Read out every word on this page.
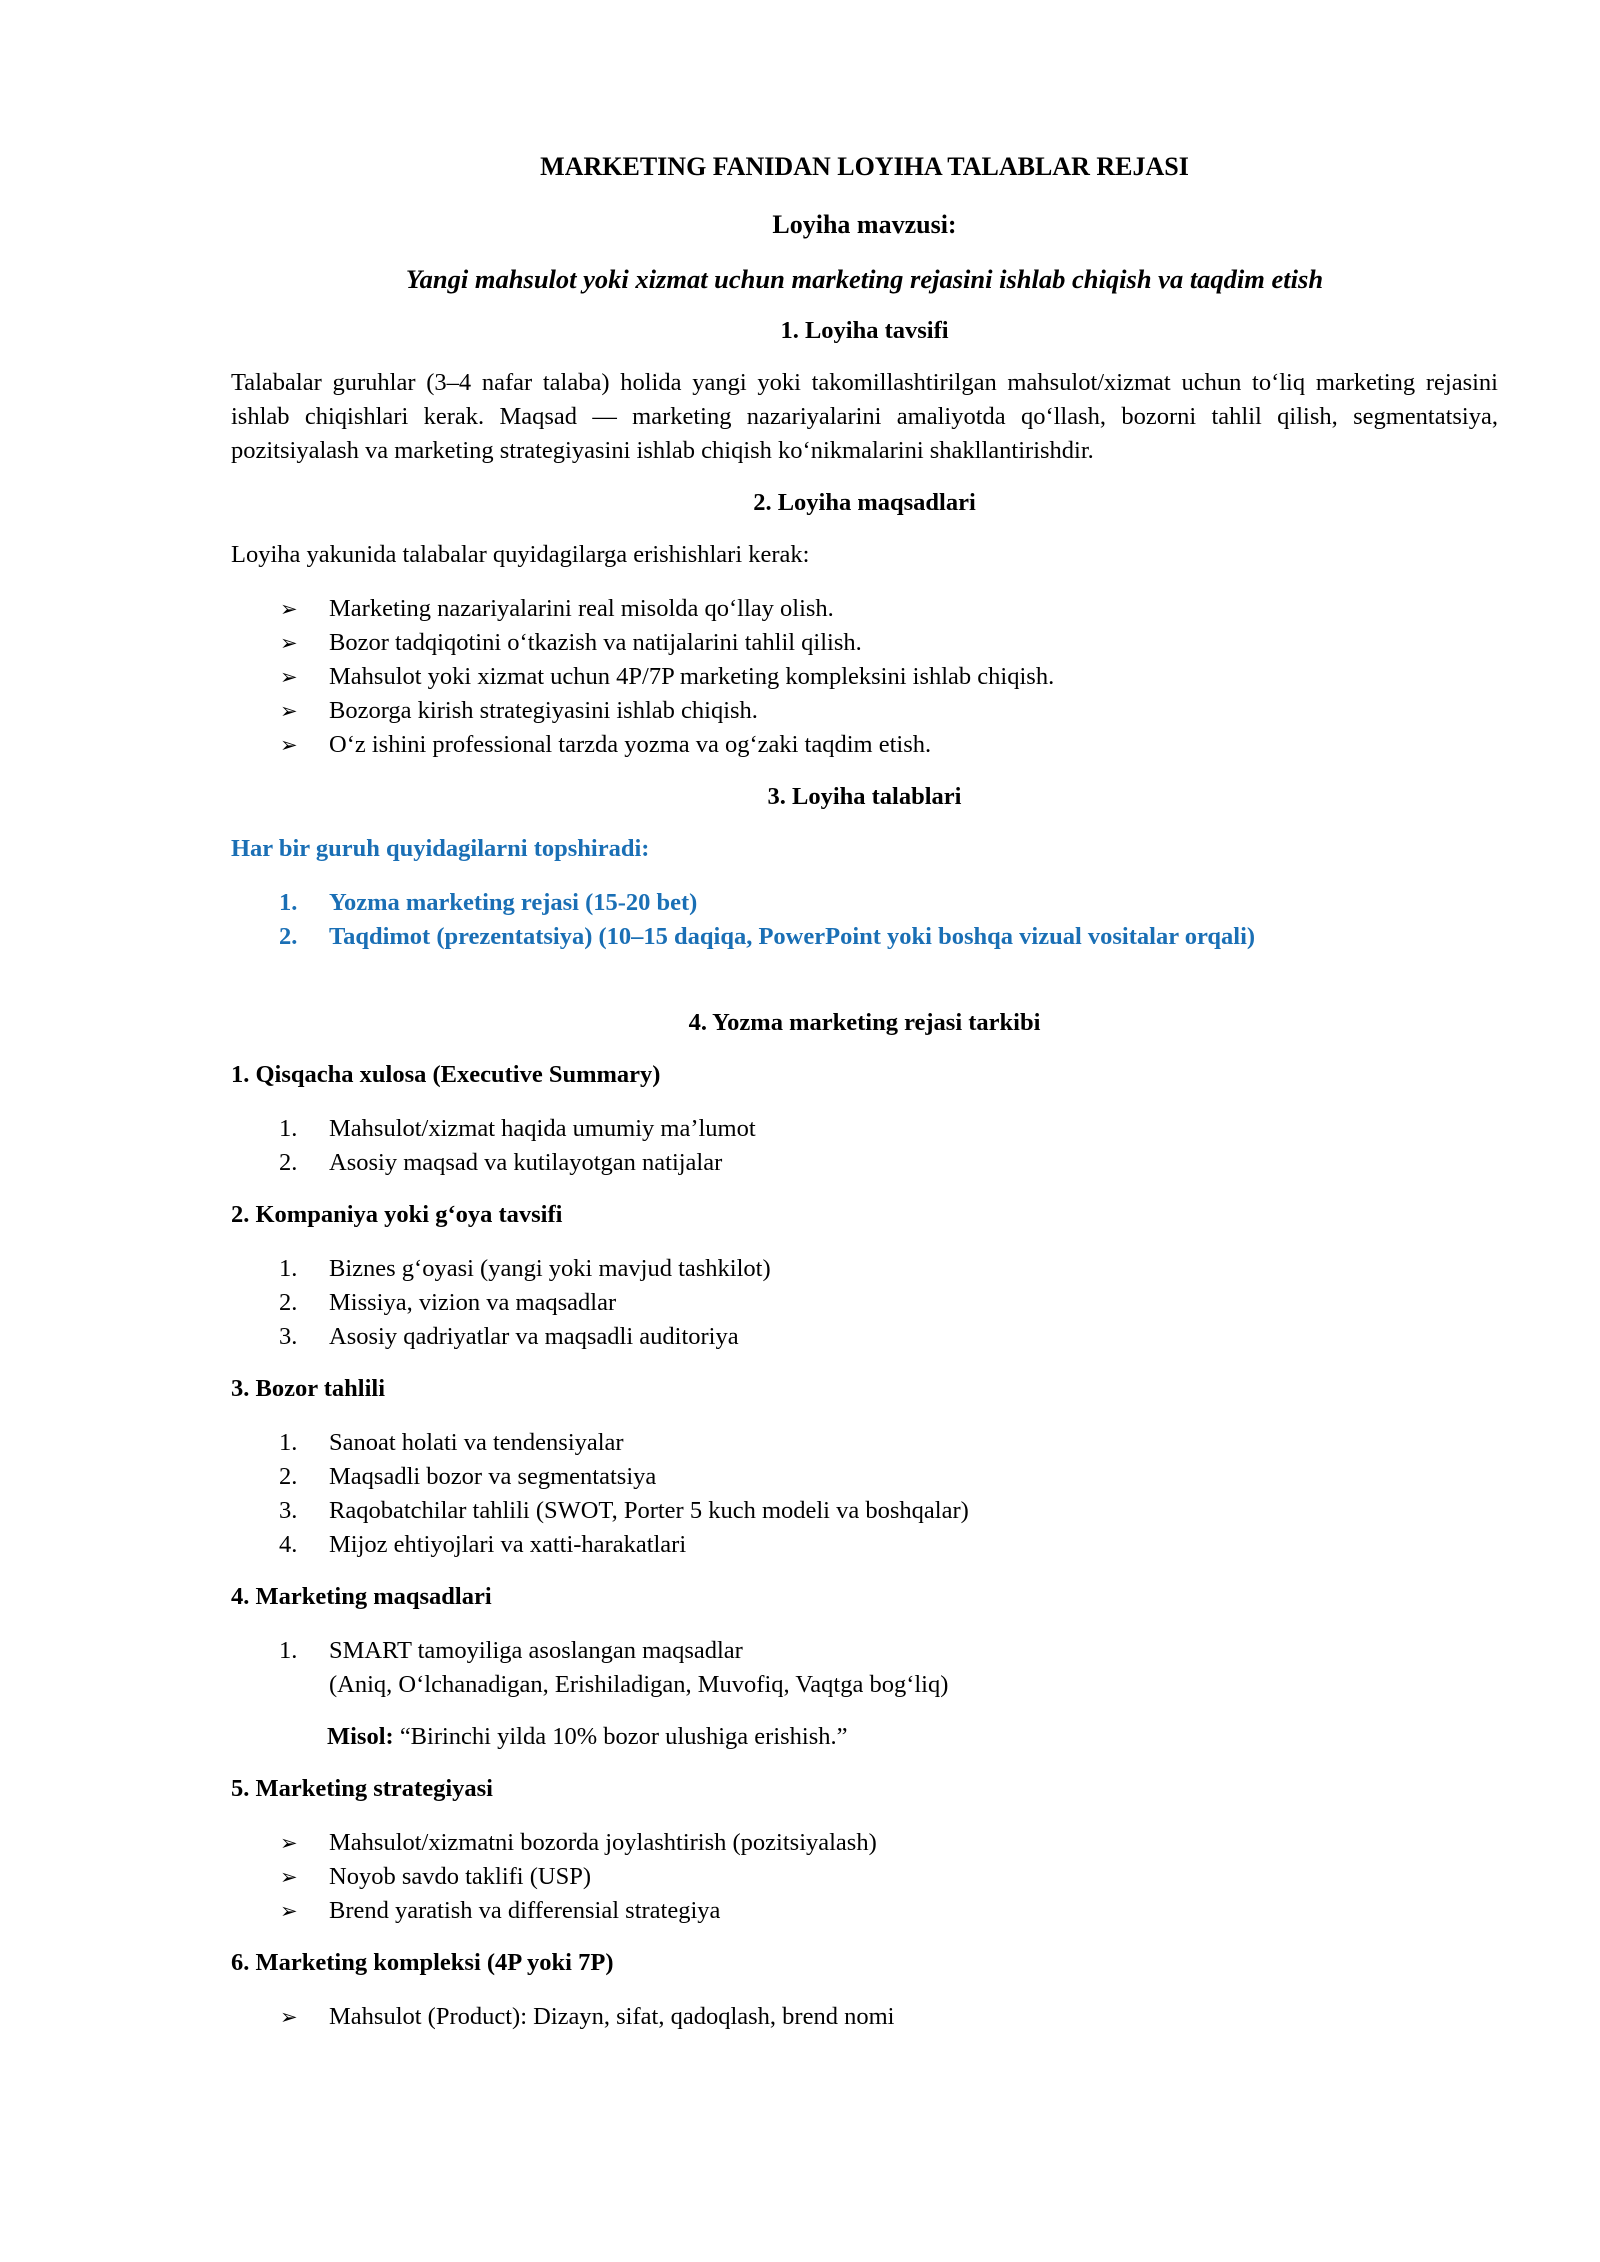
MARKETING FANIDAN LOYIHA TALABLAR REJASI
Loyiha mavzusi:
Yangi mahsulot yoki xizmat uchun marketing rejasini ishlab chiqish va taqdim etish
1. Loyiha tavsifi
Talabalar guruhlar (3–4 nafar talaba) holida yangi yoki takomillashtirilgan mahsulot/xizmat uchun to‘liq marketing rejasini ishlab chiqishlari kerak. Maqsad — marketing nazariyalarini amaliyotda qo‘llash, bozorni tahlil qilish, segmentatsiya, pozitsiyalash va marketing strategiyasini ishlab chiqish ko‘nikmalarini shakllantirishdir.
2. Loyiha maqsadlari
Loyiha yakunida talabalar quyidagilarga erishishlari kerak:
➢ Marketing nazariyalarini real misolda qo‘llay olish.
➢ Bozor tadqiqotini o‘tkazish va natijalarini tahlil qilish.
➢ Mahsulot yoki xizmat uchun 4P/7P marketing kompleksini ishlab chiqish.
➢ Bozorga kirish strategiyasini ishlab chiqish.
➢ O‘z ishini professional tarzda yozma va og‘zaki taqdim etish.
3. Loyiha talablari
Har bir guruh quyidagilarni topshiradi:
1.	Yozma marketing rejasi (15-20 bet)
2.	Taqdimot (prezentatsiya) (10–15 daqiqa, PowerPoint yoki boshqa vizual vositalar orqali)
4. Yozma marketing rejasi tarkibi
1. Qisqacha xulosa (Executive Summary)
1.	Mahsulot/xizmat haqida umumiy ma’lumot
2.	Asosiy maqsad va kutilayotgan natijalar
2. Kompaniya yoki g‘oya tavsifi
1.	Biznes g‘oyasi (yangi yoki mavjud tashkilot)
2.	Missiya, vizion va maqsadlar
3.	Asosiy qadriyatlar va maqsadli auditoriya
3. Bozor tahlili
1.	Sanoat holati va tendensiyalar
2.	Maqsadli bozor va segmentatsiya
3.	Raqobatchilar tahlili (SWOT, Porter 5 kuch modeli va boshqalar)
4.	Mijoz ehtiyojlari va xatti-harakatlari
4. Marketing maqsadlari
1.	SMART tamoyiliga asoslangan maqsadlar
(Aniq, O‘lchanadigan, Erishiladigan, Muvofiq, Vaqtga bog‘liq)
Misol: “Birinchi yilda 10% bozor ulushiga erishish.”
5. Marketing strategiyasi
➢ Mahsulot/xizmatni bozorda joylashtirish (pozitsiyalash)
➢ Noyob savdo taklifi (USP)
➢ Brend yaratish va differensial strategiya
6. Marketing kompleksi (4P yoki 7P)
➢ Mahsulot (Product): Dizayn, sifat, qadoqlash, brend nomi
